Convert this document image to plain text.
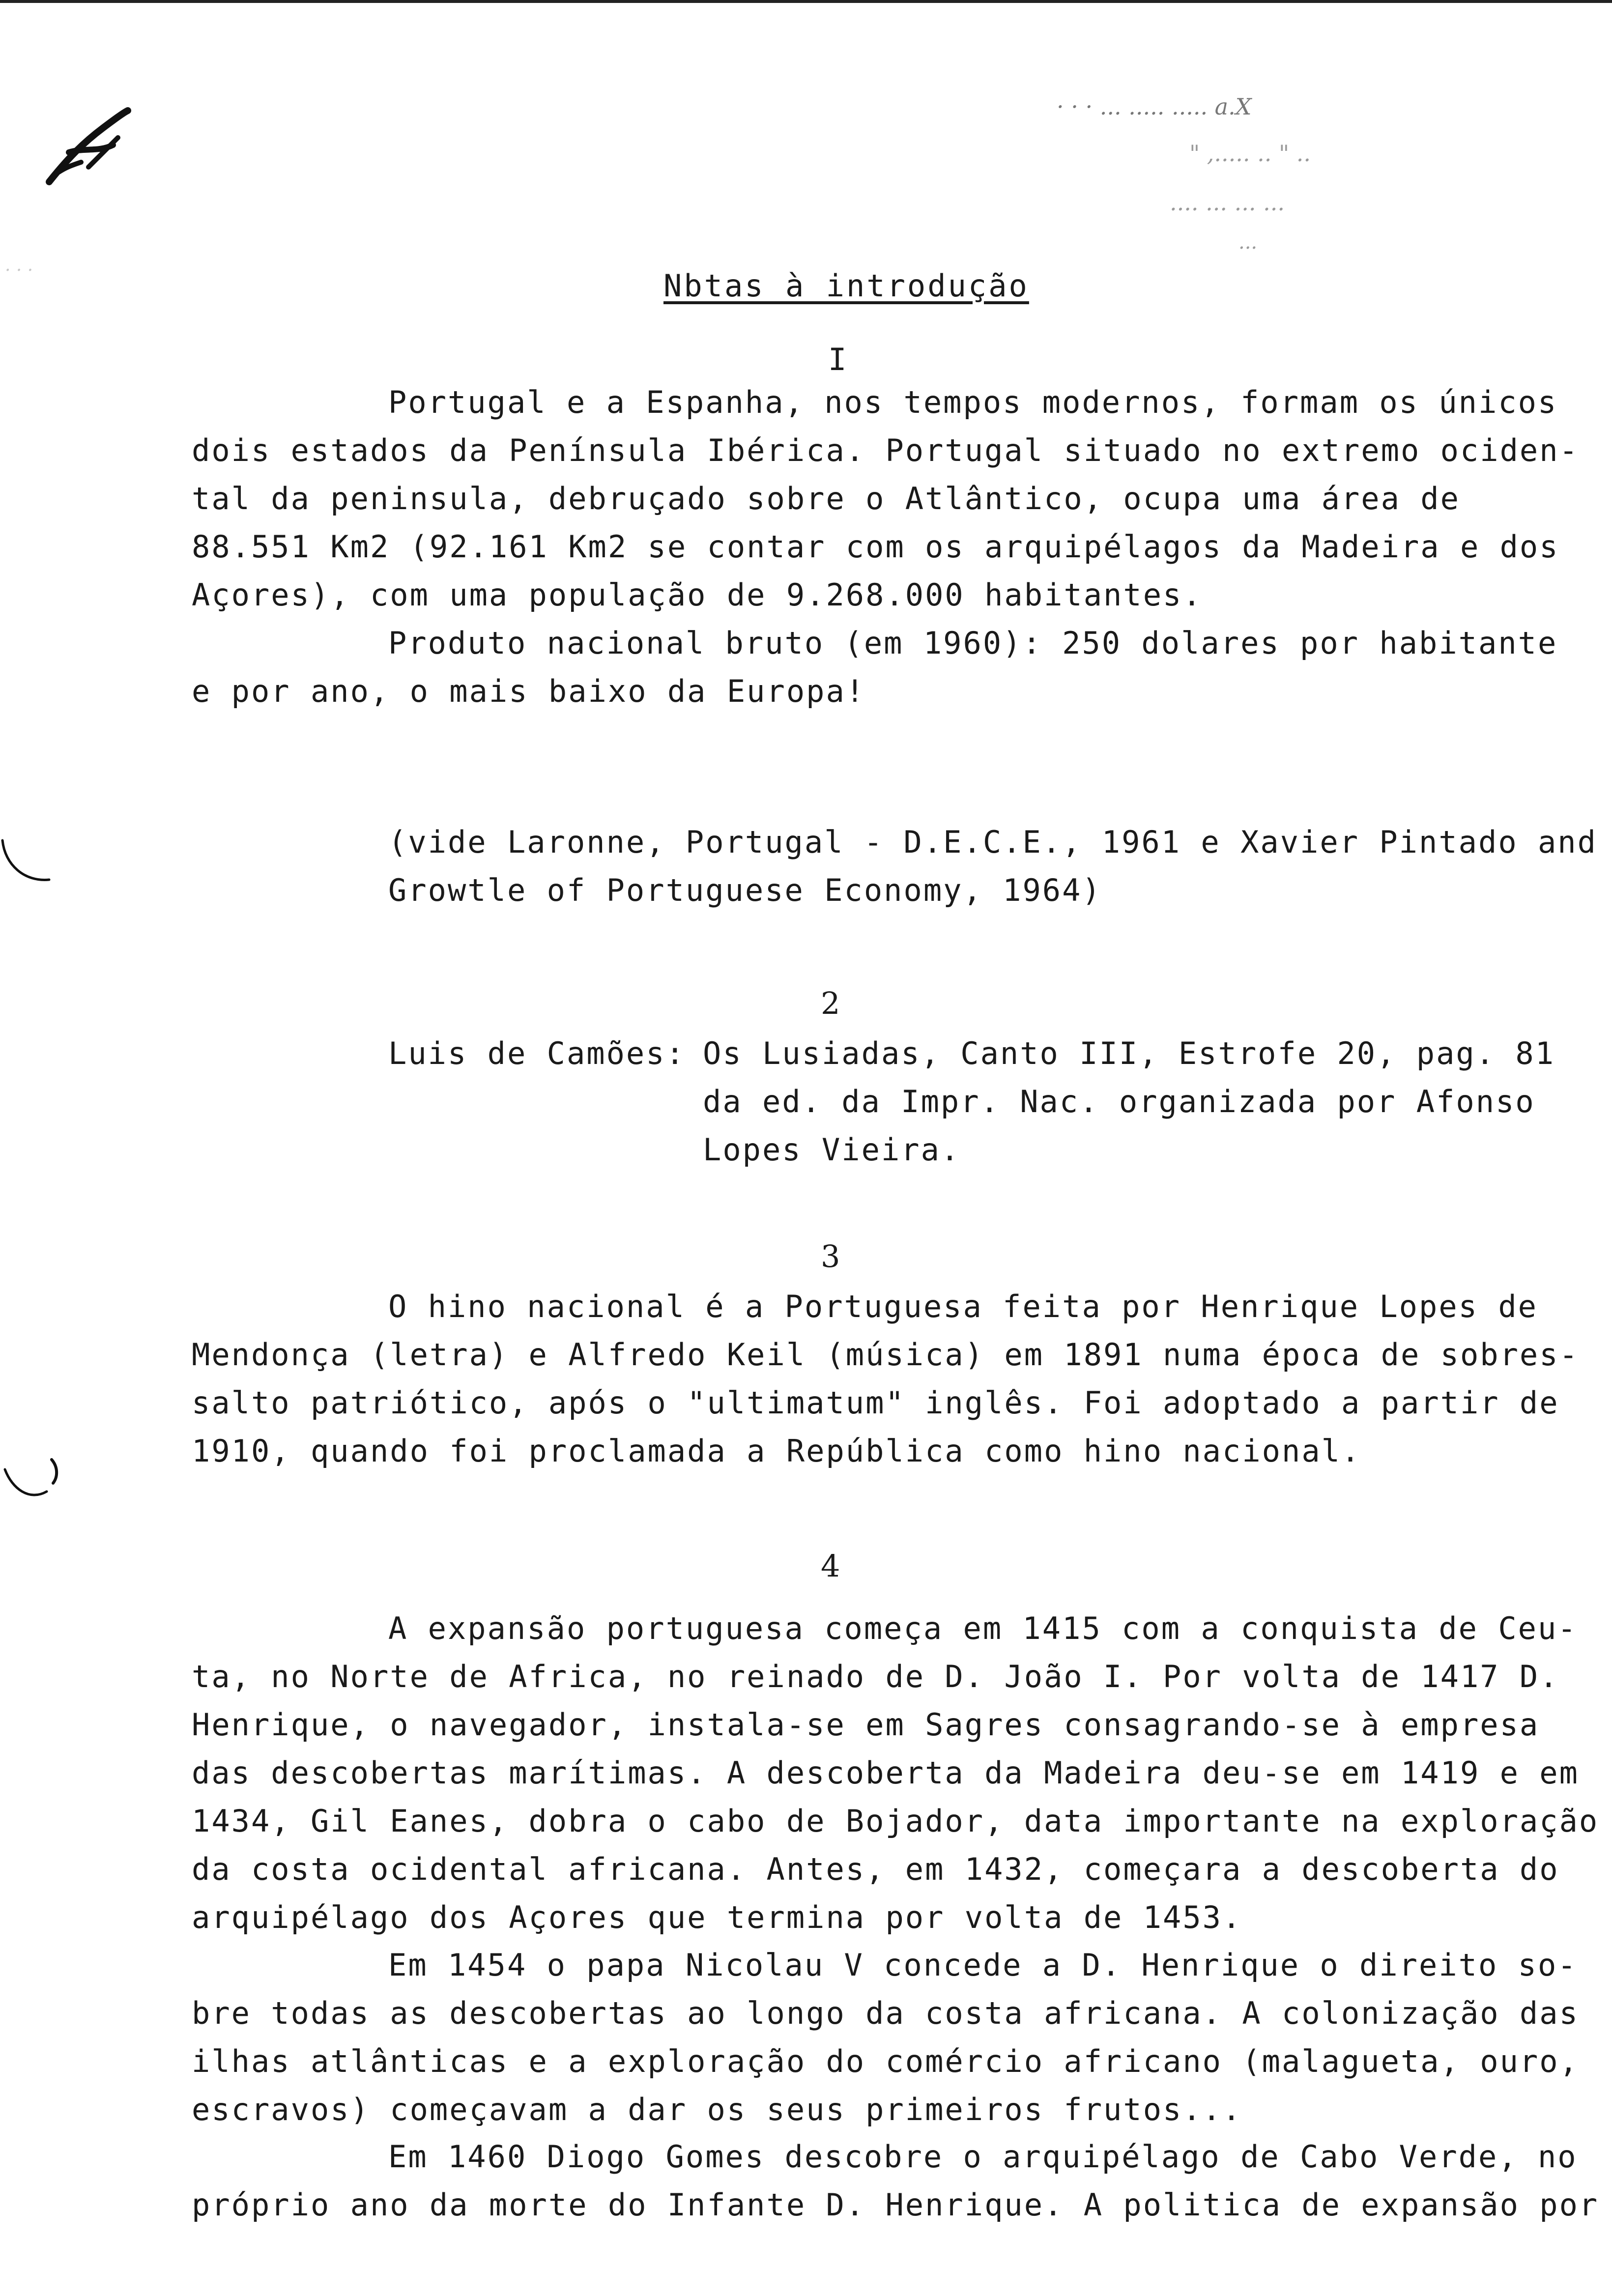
· · ·
· · · ... ..... ..... a.X
" ,..... .. " ..
.... ... ... ...
...
Nbtas à introdução
I
Portugal e a Espanha, nos tempos modernos, formam os únicos
dois estados da Península Ibérica. Portugal situado no extremo ociden-
tal da peninsula, debruçado sobre o Atlântico, ocupa uma área de
88.551 Km2 (92.161 Km2 se contar com os arquipélagos da Madeira e dos
Açores), com uma população de 9.268.000 habitantes.
Produto nacional bruto (em 1960): 250 dolares por habitante
e por ano, o mais baixo da Europa!
(vide Laronne, Portugal - D.E.C.E., 1961 e Xavier Pintado and
Growtle of Portuguese Economy, 1964)
2
Luis de Camões: Os Lusiadas, Canto III, Estrofe 20, pag. 81
da ed. da Impr. Nac. organizada por Afonso
Lopes Vieira.
3
O hino nacional é a Portuguesa feita por Henrique Lopes de
Mendonça (letra) e Alfredo Keil (música) em 1891 numa época de sobres-
salto patriótico, após o "ultimatum" inglês. Foi adoptado a partir de
1910, quando foi proclamada a República como hino nacional.
4
A expansão portuguesa começa em 1415 com a conquista de Ceu-
ta, no Norte de Africa, no reinado de D. João I. Por volta de 1417 D.
Henrique, o navegador, instala-se em Sagres consagrando-se à empresa
das descobertas marítimas. A descoberta da Madeira deu-se em 1419 e em
1434, Gil Eanes, dobra o cabo de Bojador, data importante na exploração
da costa ocidental africana. Antes, em 1432, começara a descoberta do
arquipélago dos Açores que termina por volta de 1453.
Em 1454 o papa Nicolau V concede a D. Henrique o direito so-
bre todas as descobertas ao longo da costa africana. A colonização das
ilhas atlânticas e a exploração do comércio africano (malagueta, ouro,
escravos) começavam a dar os seus primeiros frutos...
Em 1460 Diogo Gomes descobre o arquipélago de Cabo Verde, no
próprio ano da morte do Infante D. Henrique. A politica de expansão por
